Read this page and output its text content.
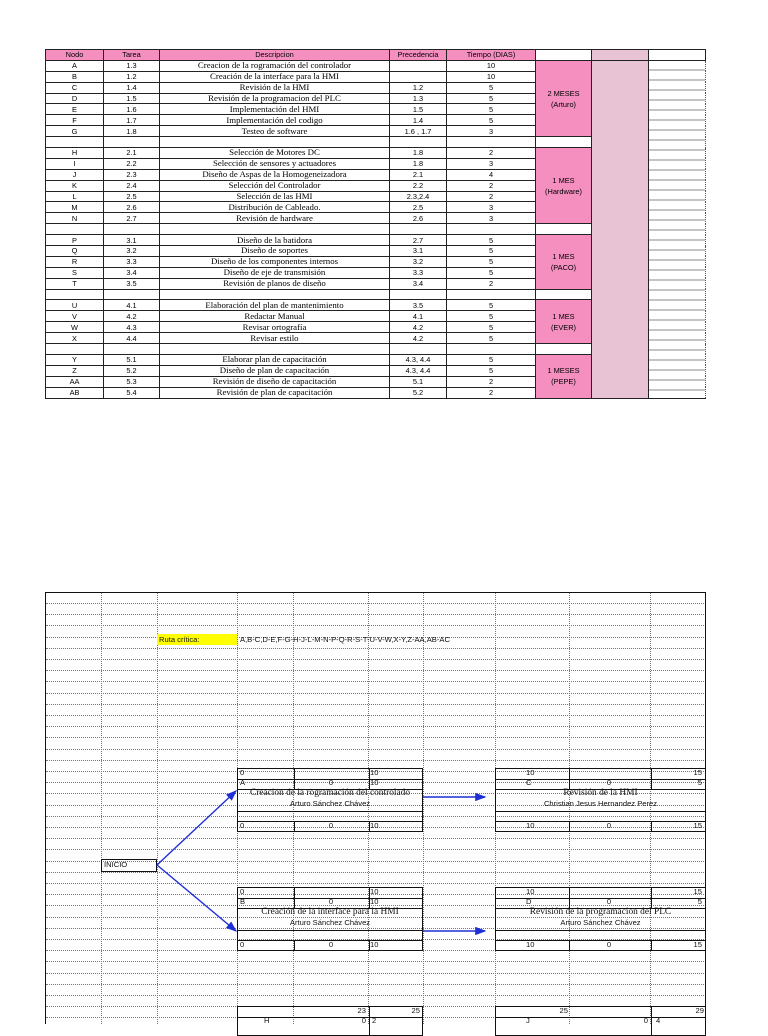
Nodo	Tarea	Descripcion	Precedencia	Tiempo (DIAS)			
A	1.3	Creacion de la rogramación del controlador		10	2 MESES
(Arturo)		

B	1.2	Creación de la interface para la HMI		10			
C	1.4	Revisión de la HMI	1.2	5			
D	1.5	Revisión de la programacion del PLC	1.3	5			
E	1.6	Implementación del HMI	1.5	5			
F	1.7	Implementación del codigo	1.4	5			
G	1.8	Testeo de software	1.6 , 1.7	3			

H	2.1	Selección de Motores DC	1.8	2	1 MES
(Hardware)		

I	2.2	Selección de sensores y actuadores	1.8	3			
J	2.3	Diseño de Aspas de la Homogeneizadora	2.1	4			
K	2.4	Selección del Controlador	2.2	2			
L	2.5	Selección de las HMI	2.3,2.4	2			
M	2.6	Distribución de Cableado.	2.5	3			
N	2.7	Revisión de hardware	2.6	3			

P	3.1	Diseño de la batidora	2.7	5	1 MES
(PACO)		

Q	3.2	Diseño de soportes	3.1	5			
R	3.3	Diseño de los componentes internos	3.2	5			
S	3.4	Diseño de eje de transmisión	3.3	5			
T	3.5	Revisión de planos de diseño	3.4	2			

U	4.1	Elaboración del plan de mantenimiento	3.5	5	1 MES
(EVER)		

V	4.2	Redactar Manual	4.1	5			
W	4.3	Revisar ortografía	4.2	5			
X	4.4	Revisar estilo	4.2	5			

Y	5.1	Elaborar plan de capacitación	4.3, 4.4	5	1 MESES
(PEPE)		

Z	5.2	Diseño de plan de capacitación	4.3, 4.4	5			
AA	5.3	Revisión de diseño de capacitación	5.1	2			
AB	5.4	Revisión de plan de capacitación	5.2	2			
Ruta crítica:	A,B-C,D-E,F-G-H-J-L-M-N-P-Q-R-S-T-U-V-W,X-Y,Z-AA,AB-AC
INICIO
0	10
A	0	10
Creacion de la rogramación del controlado
Arturo Sánchez Chávez
0	0	10
0	10
B	0	10
Creación de la interface para la HMI
Arturo Sánchez Chávez
0	0	10
10	15
C	0	5
Revisión de la HMI
Christian Jesus Hernandez Perez
10	0	15
10	15
D	0	5
Revisión de la programacion del PLC
Arturo Sánchez Chávez
10	0	15
23	25
H	0 2
25	29
J	0 4
